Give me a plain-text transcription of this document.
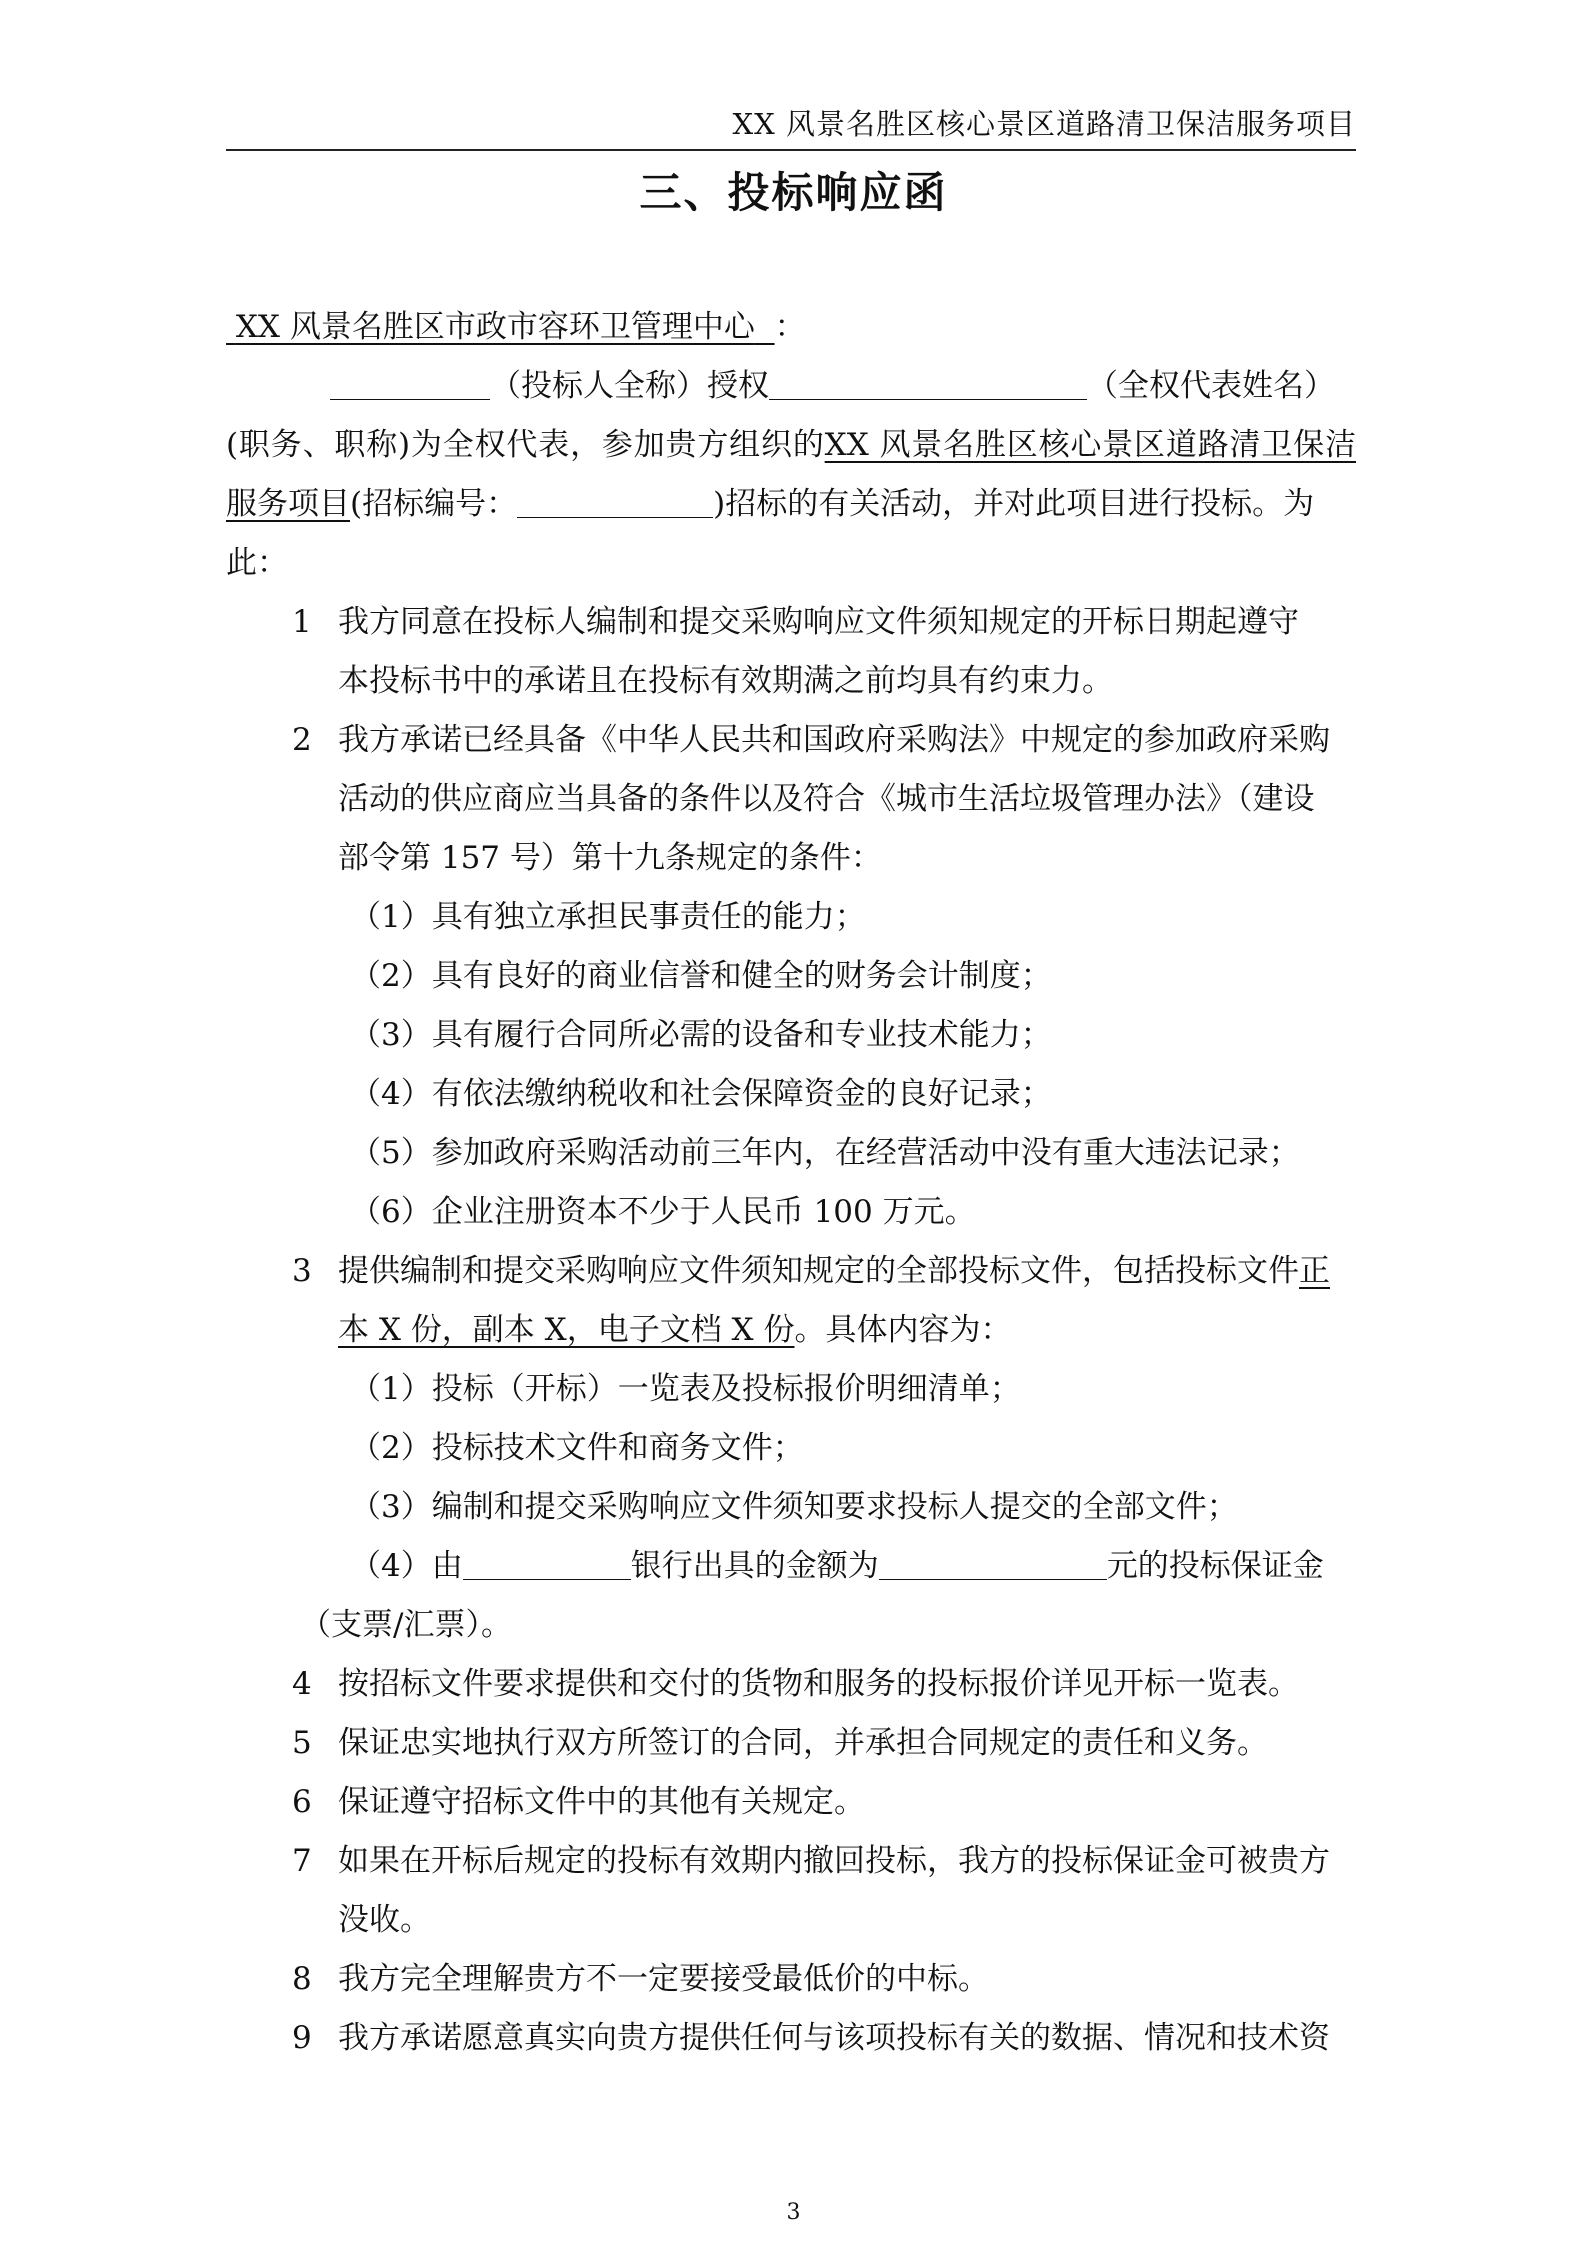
XX 风景名胜区核心景区道路清卫保洁服务项目
三、投标响应函
XX 风景名胜区市政市容环卫管理中心 ：
（投标人全称）授权	（全权代表姓名）
(职务、职称)为全权代表，参加贵方组织的XX 风景名胜区核心景区道路清卫保洁
服务项目(招标编号：	)招标的有关活动，并对此项目进行投标。为
此：
1 我方同意在投标人编制和提交采购响应文件须知规定的开标日期起遵守
本投标书中的承诺且在投标有效期满之前均具有约束力。
2 我方承诺已经具备《中华人民共和国政府采购法》中规定的参加政府采购
活动的供应商应当具备的条件以及符合《城市生活垃圾管理办法》（建设
部令第 157 号）第十九条规定的条件：
（1）具有独立承担民事责任的能力；
（2）具有良好的商业信誉和健全的财务会计制度；
（3）具有履行合同所必需的设备和专业技术能力；
（4）有依法缴纳税收和社会保障资金的良好记录；
（5）参加政府采购活动前三年内，在经营活动中没有重大违法记录；
（6）企业注册资本不少于人民币 100 万元。
3 提供编制和提交采购响应文件须知规定的全部投标文件，包括投标文件正
本 X 份，副本 X，电子文档 X 份。具体内容为：
（1）投标（开标）一览表及投标报价明细清单；
（2）投标技术文件和商务文件；
（3）编制和提交采购响应文件须知要求投标人提交的全部文件；
（4）由	银行出具的金额为	元的投标保证金
（支票/汇票）。
4 按招标文件要求提供和交付的货物和服务的投标报价详见开标一览表。
5 保证忠实地执行双方所签订的合同，并承担合同规定的责任和义务。
6 保证遵守招标文件中的其他有关规定。
7 如果在开标后规定的投标有效期内撤回投标，我方的投标保证金可被贵方
没收。
8 我方完全理解贵方不一定要接受最低价的中标。
9 我方承诺愿意真实向贵方提供任何与该项投标有关的数据、情况和技术资
3
